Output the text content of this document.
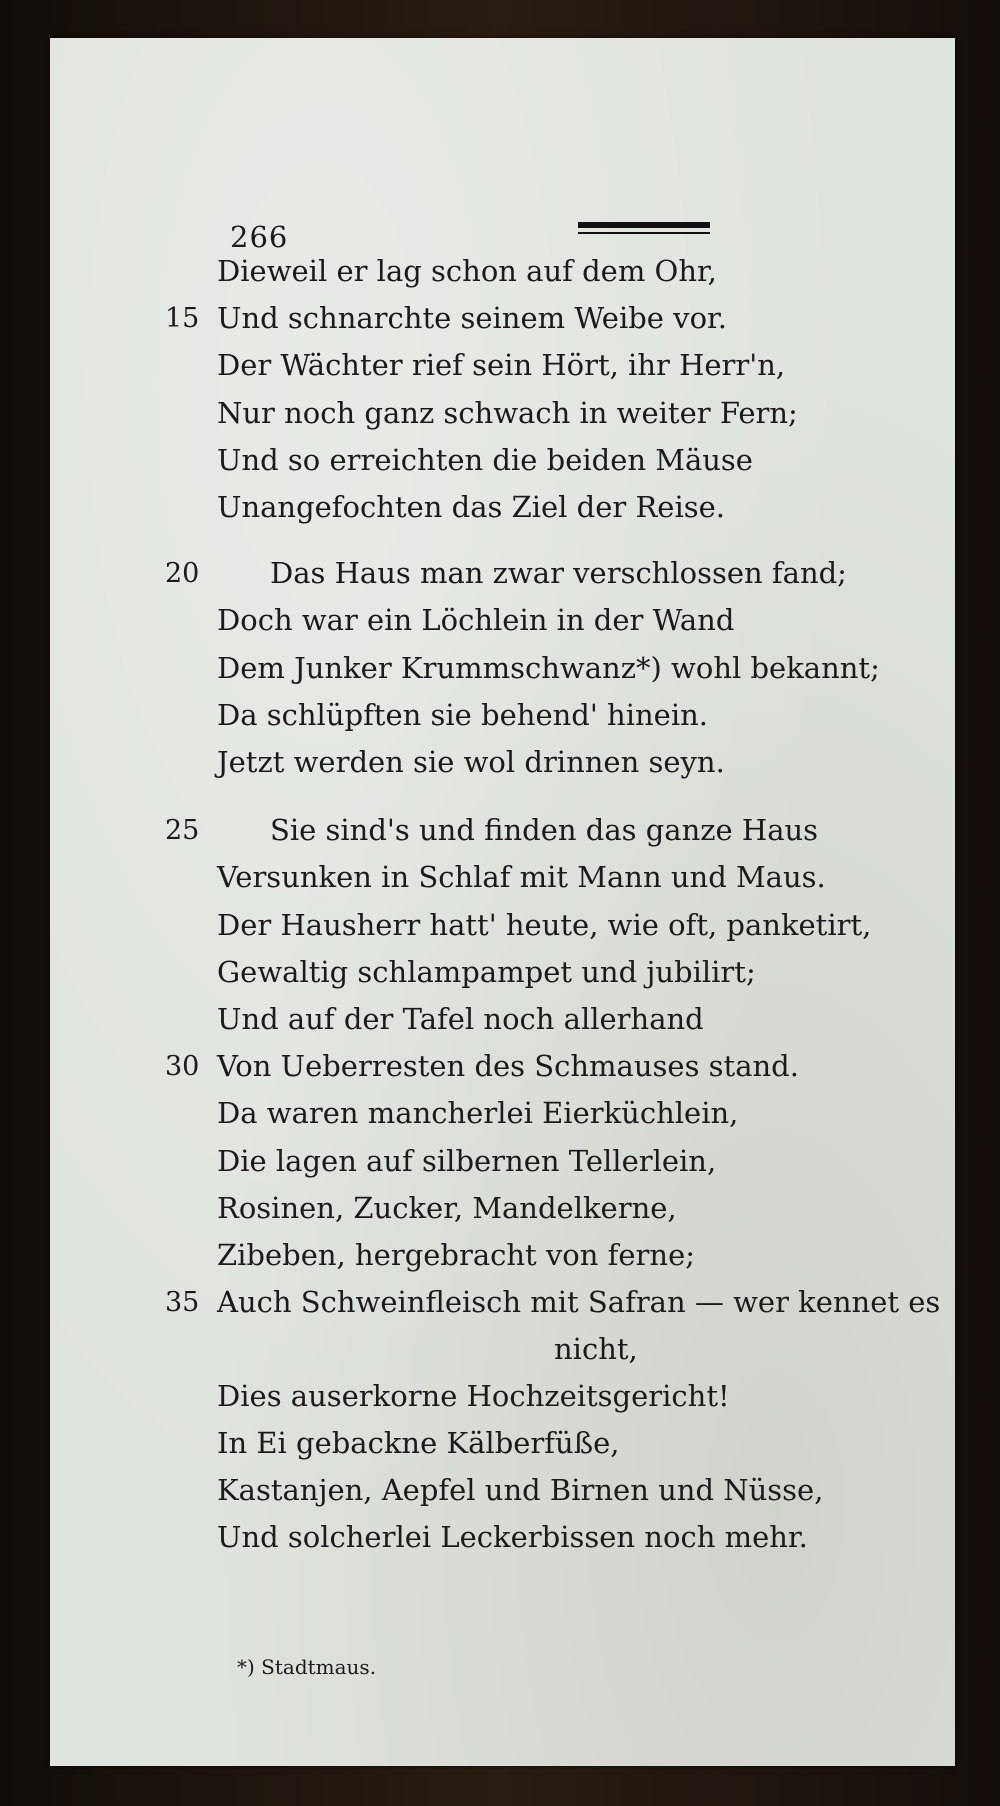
266
Dieweil er lag schon auf dem Ohr,
15 Und schnarchte seinem Weibe vor.
Der Wächter rief sein Hört, ihr Herr'n,
Nur noch ganz schwach in weiter Fern;
Und so erreichten die beiden Mäuse
Unangefochten das Ziel der Reise.
20 Das Haus man zwar verschlossen fand;
Doch war ein Löchlein in der Wand
Dem Junker Krummschwanz*) wohl bekannt;
Da schlüpften sie behend' hinein.
Jetzt werden sie wol drinnen seyn.
25 Sie sind's und finden das ganze Haus
Versunken in Schlaf mit Mann und Maus.
Der Hausherr hatt' heute, wie oft, panketirt,
Gewaltig schlampampet und jubilirt;
Und auf der Tafel noch allerhand
30 Von Ueberresten des Schmauses stand.
Da waren mancherlei Eierküchlein,
Die lagen auf silbernen Tellerlein,
Rosinen, Zucker, Mandelkerne,
Zibeben, hergebracht von ferne;
35 Auch Schweinfleisch mit Safran — wer kennet es
nicht,
Dies auserkorne Hochzeitsgericht!
In Ei gebackne Kälberfüße,
Kastanjen, Aepfel und Birnen und Nüsse,
Und solcherlei Leckerbissen noch mehr.
*) Stadtmaus.
